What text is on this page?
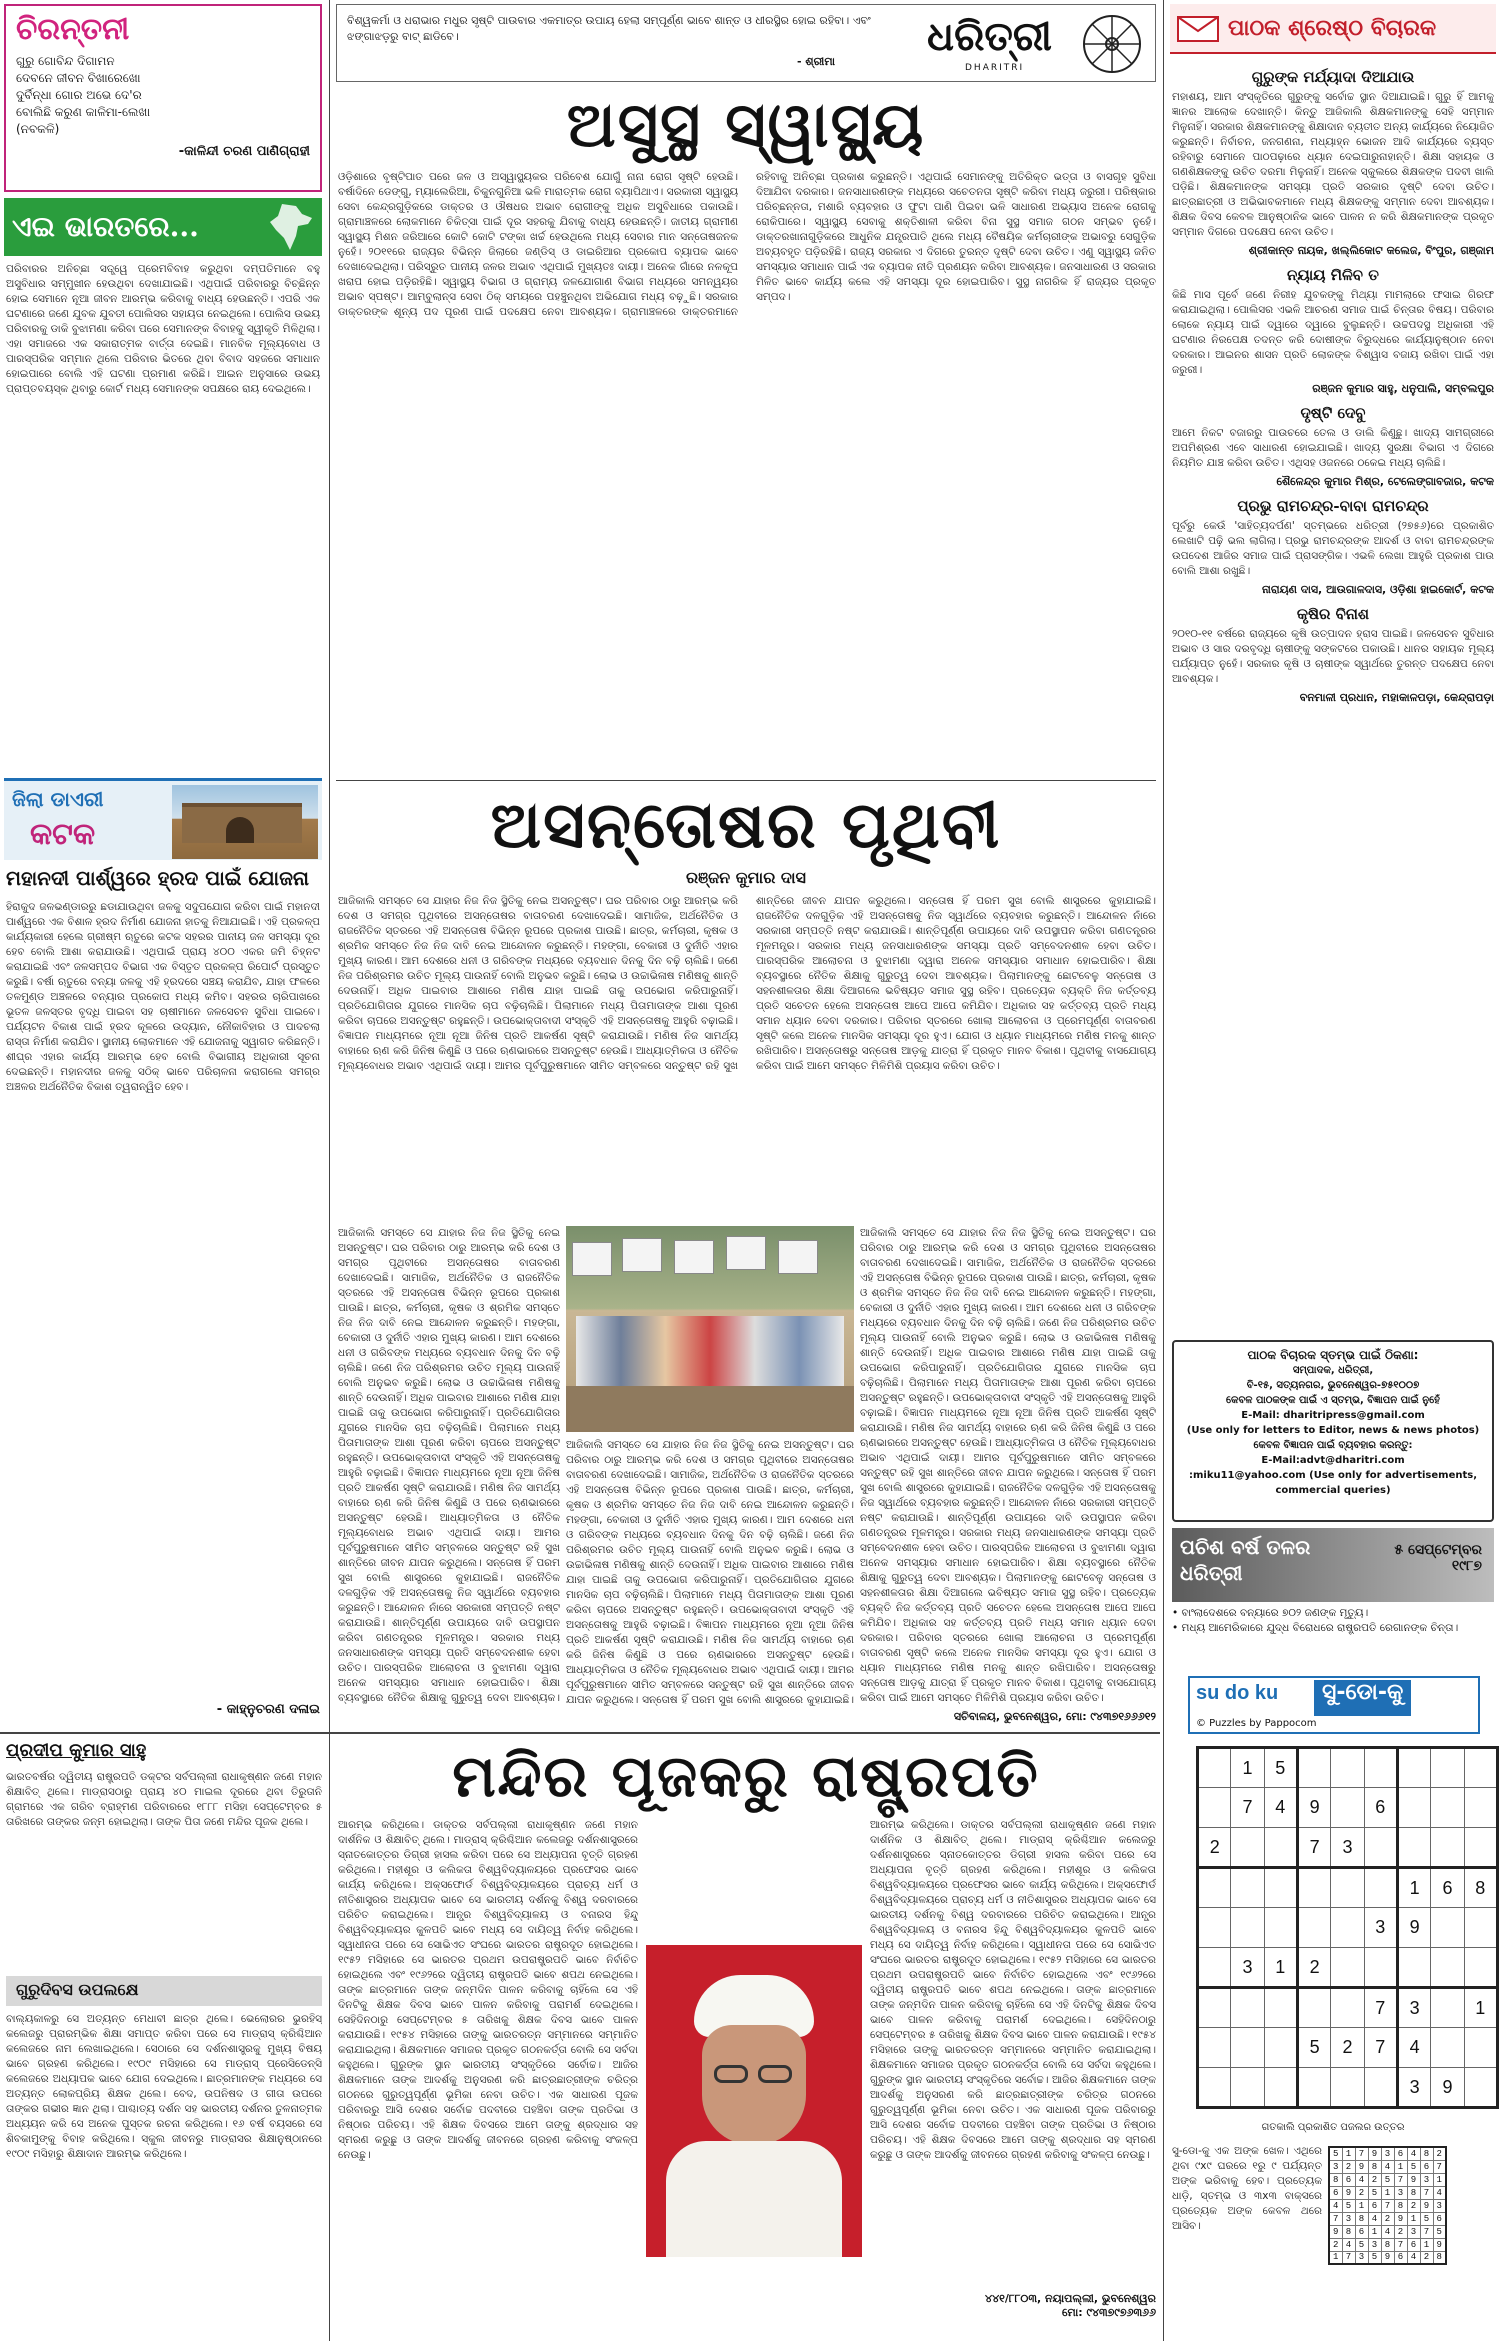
ଚିରନ୍ତନୀ
ଗୁରୁ ଗୋବିନ୍ଦ ଦିଗାମନ
ଦେବନେ ଜୀବନ ବିଖାରେଖୋ
ଦୁର୍ବିନ୍ଧା ଗୋର ଅଭେ ଦେ'ର
ବୋଲିଛି କରୁଣ କାଳିମା-ଲେଖା
(ନବକଳି)
-କାଳିନ୍ଦୀ ଚରଣ ପାଣିଗ୍ରାହୀ
ଏଇ ଭାରତରେ...
ପରିବାରର ଅନିଚ୍ଛା ସତ୍ତ୍ୱେ ପ୍ରେମବିବାହ କରୁଥିବା ଦମ୍ପତିମାନେ ବହୁ ଅସୁବିଧାର ସମ୍ମୁଖୀନ ହେଉଥିବା ଦେଖାଯାଇଛି। ଏଥିପାଇଁ ପରିବାରରୁ ବିଚ୍ଛିନ୍ନ ହୋଇ ସେମାନେ ନୂଆ ଜୀବନ ଆରମ୍ଭ କରିବାକୁ ବାଧ୍ୟ ହେଉଛନ୍ତି। ଏପରି ଏକ ଘଟଣାରେ ଜଣେ ଯୁବକ ଯୁବତୀ ପୋଲିସର ସହାୟତା ନେଇଥିଲେ। ପୋଲିସ ଉଭୟ ପରିବାରକୁ ଡାକି ବୁଝାମଣା କରିବା ପରେ ସେମାନଙ୍କ ବିବାହକୁ ସ୍ୱୀକୃତି ମିଳିଥିଲା। ଏହା ସମାଜରେ ଏକ ସକାରାତ୍ମକ ବାର୍ତ୍ତା ଦେଇଛି। ମାନବିକ ମୂଲ୍ୟବୋଧ ଓ ପାରସ୍ପରିକ ସମ୍ମାନ ଥିଲେ ପରିବାର ଭିତରେ ଥିବା ବିବାଦ ସହଜରେ ସମାଧାନ ହୋଇପାରେ ବୋଲି ଏହି ଘଟଣା ପ୍ରମାଣ କରିଛି। ଆଇନ ଅନୁସାରେ ଉଭୟ ପ୍ରାପ୍ତବୟସ୍କ ଥିବାରୁ କୋର୍ଟ ମଧ୍ୟ ସେମାନଙ୍କ ସପକ୍ଷରେ ରାୟ ଦେଇଥିଲେ।
ଜିଲା ଡାଏରୀ
କଟକ
ମହାନଦୀ ପାର୍ଶ୍ୱରେ ହ୍ରଦ ପାଇଁ ଯୋଜନା
ହିରାକୁଦ ଜଳଭଣ୍ଡାରରୁ ଛଡାଯାଉଥିବା ଜଳକୁ ସଦୁପଯୋଗ କରିବା ପାଇଁ ମହାନଦୀ ପାର୍ଶ୍ୱରେ ଏକ ବିଶାଳ ହ୍ରଦ ନିର୍ମାଣ ଯୋଜନା ହାତକୁ ନିଆଯାଇଛି। ଏହି ପ୍ରକଳ୍ପ କାର୍ଯ୍ୟକାରୀ ହେଲେ ଗ୍ରୀଷ୍ମ ଋତୁରେ କଟକ ସହରର ପାନୀୟ ଜଳ ସମସ୍ୟା ଦୂର ହେବ ବୋଲି ଆଶା କରାଯାଉଛି। ଏଥିପାଇଁ ପ୍ରାୟ ୪୦୦ ଏକର ଜମି ଚିହ୍ନଟ କରାଯାଇଛି ଏବଂ ଜଳସମ୍ପଦ ବିଭାଗ ଏକ ବିସ୍ତୃତ ପ୍ରକଳ୍ପ ରିପୋର୍ଟ ପ୍ରସ୍ତୁତ କରୁଛି। ବର୍ଷା ଋତୁରେ ବନ୍ୟା ଜଳକୁ ଏହି ହ୍ରଦରେ ସଞ୍ଚୟ କରାଯିବ, ଯାହା ଫଳରେ ତଳମୁଣ୍ଡ ଅଞ୍ଚଳରେ ବନ୍ୟାର ପ୍ରକୋପ ମଧ୍ୟ କମିବ। ସହରର ଚାରିପାଖରେ ଭୂତଳ ଜଳସ୍ତର ବୃଦ୍ଧି ପାଇବା ସହ ଚାଷୀମାନେ ଜଳସେଚନ ସୁବିଧା ପାଇବେ। ପର୍ଯ୍ୟଟନ ବିକାଶ ପାଇଁ ହ୍ରଦ କୂଳରେ ଉଦ୍ୟାନ, ନୌକାବିହାର ଓ ପାଦଚଲା ରାସ୍ତା ନିର୍ମାଣ କରାଯିବ। ସ୍ଥାନୀୟ ଲୋକମାନେ ଏହି ଯୋଜନାକୁ ସ୍ୱାଗତ କରିଛନ୍ତି। ଶୀଘ୍ର ଏହାର କାର୍ଯ୍ୟ ଆରମ୍ଭ ହେବ ବୋଲି ବିଭାଗୀୟ ଅଧିକାରୀ ସୂଚନା ଦେଇଛନ୍ତି। ମହାନଦୀର ଜଳକୁ ସଠିକ୍ ଭାବେ ପରିଚାଳନା କରାଗଲେ ସମଗ୍ର ଅଞ୍ଚଳର ଅର୍ଥନୈତିକ ବିକାଶ ତ୍ୱରାନ୍ୱିତ ହେବ।
- କାହ୍ନୁଚରଣ ଦଳାଇ
ବିଶ୍ୱକର୍ମା ଓ ଧରାଭାର ମଧୁର ସୃଷ୍ଟି ପାଉବାର ଏକମାତ୍ର ଉପାୟ ହେଲା ସମ୍ପୂର୍ଣ୍ଣ ଭାବେ ଶାନ୍ତ ଓ ଧୀରସ୍ଥିର ହୋଇ ରହିବା। ଏବଂ ଝଙ୍ଗାଝଡ଼ରୁ ବାଟ୍ ଛାଡିବେ।
- ଶ୍ରୀମା
ଧରିତ୍ରୀ
DHARITRI
ଅସୁସ୍ଥ ସ୍ୱାସ୍ଥ୍ୟ
ଓଡ଼ିଶାରେ ବୃଷ୍ଟିପାତ ପରେ ଜଳ ଓ ଅସ୍ୱାସ୍ଥ୍ୟକର ପରିବେଶ ଯୋଗୁଁ ନାନା ରୋଗ ସୃଷ୍ଟି ହେଉଛି। ବର୍ଷାଦିନେ ଡେଙ୍ଗୁ, ମ୍ୟାଲେରିଆ, ଚିକୁନଗୁନିଆ ଭଳି ମାରାତ୍ମକ ରୋଗ ବ୍ୟାପିଥାଏ। ସରକାରୀ ସ୍ୱାସ୍ଥ୍ୟ ସେବା କେନ୍ଦ୍ରଗୁଡ଼ିକରେ ଡାକ୍ତର ଓ ଔଷଧର ଅଭାବ ରୋଗୀଙ୍କୁ ଅଧିକ ଅସୁବିଧାରେ ପକାଉଛି। ଗ୍ରାମାଞ୍ଚଳରେ ଲୋକମାନେ ଚିକିତ୍ସା ପାଇଁ ଦୂର ସହରକୁ ଯିବାକୁ ବାଧ୍ୟ ହେଉଛନ୍ତି। ଜାତୀୟ ଗ୍ରାମୀଣ ସ୍ୱାସ୍ଥ୍ୟ ମିଶନ ଜରିଆରେ କୋଟି କୋଟି ଟଙ୍କା ଖର୍ଚ୍ଚ ହେଉଥିଲେ ମଧ୍ୟ ସେବାର ମାନ ସନ୍ତୋଷଜନକ ନୁହେଁ। ୨୦୧୧ରେ ରାଜ୍ୟର ବିଭିନ୍ନ ଜିଲାରେ ଜଣ୍ଡିସ୍ ଓ ଡାଇରିଆର ପ୍ରକୋପ ବ୍ୟାପକ ଭାବେ ଦେଖାଦେଇଥିଲା। ପରିସ୍ରୁତ ପାନୀୟ ଜଳର ଅଭାବ ଏଥିପାଇଁ ମୁଖ୍ୟତଃ ଦାୟୀ। ଅନେକ ଗାଁରେ ନଳକୂପ ଖରାପ ହୋଇ ପଡ଼ିରହିଛି। ସ୍ୱାସ୍ଥ୍ୟ ବିଭାଗ ଓ ଗ୍ରାମ୍ୟ ଜଳଯୋଗାଣ ବିଭାଗ ମଧ୍ୟରେ ସମନ୍ୱୟର ଅଭାବ ସ୍ପଷ୍ଟ। ଆମ୍ବୁଲାନ୍ସ ସେବା ଠିକ୍ ସମୟରେ ପହଞ୍ଚୁନଥିବା ଅଭିଯୋଗ ମଧ୍ୟ ବଢ଼ୁଛି। ସରକାର ଡାକ୍ତରଙ୍କ ଶୂନ୍ୟ ପଦ ପୂରଣ ପାଇଁ ପଦକ୍ଷେପ ନେବା ଆବଶ୍ୟକ। ଗ୍ରାମାଞ୍ଚଳରେ ଡାକ୍ତରମାନେ ରହିବାକୁ ଅନିଚ୍ଛା ପ୍ରକାଶ କରୁଛନ୍ତି। ଏଥିପାଇଁ ସେମାନଙ୍କୁ ଅତିରିକ୍ତ ଭତ୍ତା ଓ ବାସଗୃହ ସୁବିଧା ଦିଆଯିବା ଦରକାର। ଜନସାଧାରଣଙ୍କ ମଧ୍ୟରେ ସଚେତନତା ସୃଷ୍ଟି କରିବା ମଧ୍ୟ ଜରୁରୀ। ପରିଷ୍କାର ପରିଚ୍ଛନ୍ନତା, ମଶାରି ବ୍ୟବହାର ଓ ଫୁଟା ପାଣି ପିଇବା ଭଳି ସାଧାରଣ ଅଭ୍ୟାସ ଅନେକ ରୋଗକୁ ରୋକିପାରେ। ସ୍ୱାସ୍ଥ୍ୟ ସେବାକୁ ଶକ୍ତିଶାଳୀ କରିବା ବିନା ସୁସ୍ଥ ସମାଜ ଗଠନ ସମ୍ଭବ ନୁହେଁ। ଡାକ୍ତରଖାନାଗୁଡ଼ିକରେ ଆଧୁନିକ ଯନ୍ତ୍ରପାତି ଥିଲେ ମଧ୍ୟ ବୈଷୟିକ କର୍ମଚାରୀଙ୍କ ଅଭାବରୁ ସେଗୁଡ଼ିକ ଅବ୍ୟବହୃତ ପଡ଼ିରହିଛି। ରାଜ୍ୟ ସରକାର ଏ ଦିଗରେ ତୁରନ୍ତ ଦୃଷ୍ଟି ଦେବା ଉଚିତ। ଏଣୁ ସ୍ୱାସ୍ଥ୍ୟ ଜନିତ ସମସ୍ୟାର ସମାଧାନ ପାଇଁ ଏକ ବ୍ୟାପକ ନୀତି ପ୍ରଣୟନ କରିବା ଆବଶ୍ୟକ। ଜନସାଧାରଣ ଓ ସରକାର ମିଳିତ ଭାବେ କାର୍ଯ୍ୟ କଲେ ଏହି ସମସ୍ୟା ଦୂର ହୋଇପାରିବ। ସୁସ୍ଥ ନାଗରିକ ହିଁ ରାଜ୍ୟର ପ୍ରକୃତ ସମ୍ପଦ।
ଅସନ୍ତୋଷର ପୃଥିବୀ
ରଞ୍ଜନ କୁମାର ଦାସ
ଆଜିକାଲି ସମସ୍ତେ ସେ ଯାହାର ନିଜ ନିଜ ସ୍ଥିତିକୁ ନେଇ ଅସନ୍ତୁଷ୍ଟ। ଘର ପରିବାର ଠାରୁ ଆରମ୍ଭ କରି ଦେଶ ଓ ସମଗ୍ର ପୃଥିବୀରେ ଅସନ୍ତୋଷର ବାତାବରଣ ଦେଖାଦେଇଛି। ସାମାଜିକ, ଅର୍ଥନୈତିକ ଓ ରାଜନୈତିକ ସ୍ତରରେ ଏହି ଅସନ୍ତୋଷ ବିଭିନ୍ନ ରୂପରେ ପ୍ରକାଶ ପାଉଛି। ଛାତ୍ର, କର୍ମଚାରୀ, କୃଷକ ଓ ଶ୍ରମିକ ସମସ୍ତେ ନିଜ ନିଜ ଦାବି ନେଇ ଆନ୍ଦୋଳନ କରୁଛନ୍ତି। ମହଙ୍ଗା, ବେକାରୀ ଓ ଦୁର୍ନୀତି ଏହାର ମୁଖ୍ୟ କାରଣ। ଆମ ଦେଶରେ ଧନୀ ଓ ଗରିବଙ୍କ ମଧ୍ୟରେ ବ୍ୟବଧାନ ଦିନକୁ ଦିନ ବଢ଼ି ଚାଲିଛି। ଜଣେ ନିଜ ପରିଶ୍ରମର ଉଚିତ ମୂଲ୍ୟ ପାଉନାହିଁ ବୋଲି ଅନୁଭବ କରୁଛି। ଲୋଭ ଓ ଉଚ୍ଚାଭିଳାଷ ମଣିଷକୁ ଶାନ୍ତି ଦେଉନାହିଁ। ଅଧିକ ପାଇବାର ଆଶାରେ ମଣିଷ ଯାହା ପାଇଛି ତାକୁ ଉପଭୋଗ କରିପାରୁନାହିଁ। ପ୍ରତିଯୋଗିତାର ଯୁଗରେ ମାନସିକ ଚାପ ବଢ଼ିଚାଲିଛି। ପିଲାମାନେ ମଧ୍ୟ ପିତାମାତାଙ୍କ ଆଶା ପୂରଣ କରିବା ଚାପରେ ଅସନ୍ତୁଷ୍ଟ ରହୁଛନ୍ତି। ଉପଭୋକ୍ତାବାଦୀ ସଂସ୍କୃତି ଏହି ଅସନ୍ତୋଷକୁ ଆହୁରି ବଢ଼ାଇଛି। ବିଜ୍ଞାପନ ମାଧ୍ୟମରେ ନୂଆ ନୂଆ ଜିନିଷ ପ୍ରତି ଆକର୍ଷଣ ସୃଷ୍ଟି କରାଯାଉଛି। ମଣିଷ ନିଜ ସାମର୍ଥ୍ୟ ବାହାରେ ଋଣ କରି ଜିନିଷ କିଣୁଛି ଓ ପରେ ଋଣଭାରରେ ଅସନ୍ତୁଷ୍ଟ ହେଉଛି। ଆଧ୍ୟାତ୍ମିକତା ଓ ନୈତିକ ମୂଲ୍ୟବୋଧର ଅଭାବ ଏଥିପାଇଁ ଦାୟୀ। ଆମର ପୂର୍ବପୁରୁଷମାନେ ସୀମିତ ସମ୍ବଳରେ ସନ୍ତୁଷ୍ଟ ରହି ସୁଖ ଶାନ୍ତିରେ ଜୀବନ ଯାପନ କରୁଥିଲେ। ସନ୍ତୋଷ ହିଁ ପରମ ସୁଖ ବୋଲି ଶାସ୍ତ୍ରରେ କୁହାଯାଇଛି। ରାଜନୈତିକ ଦଳଗୁଡ଼ିକ ଏହି ଅସନ୍ତୋଷକୁ ନିଜ ସ୍ୱାର୍ଥରେ ବ୍ୟବହାର କରୁଛନ୍ତି। ଆନ୍ଦୋଳନ ନାଁରେ ସରକାରୀ ସମ୍ପତ୍ତି ନଷ୍ଟ କରାଯାଉଛି। ଶାନ୍ତିପୂର୍ଣ୍ଣ ଉପାୟରେ ଦାବି ଉପସ୍ଥାପନ କରିବା ଗଣତନ୍ତ୍ରର ମୂଳମନ୍ତ୍ର। ସରକାର ମଧ୍ୟ ଜନସାଧାରଣଙ୍କ ସମସ୍ୟା ପ୍ରତି ସମ୍ବେଦନଶୀଳ ହେବା ଉଚିତ। ପାରସ୍ପରିକ ଆଲୋଚନା ଓ ବୁଝାମଣା ଦ୍ୱାରା ଅନେକ ସମସ୍ୟାର ସମାଧାନ ହୋଇପାରିବ। ଶିକ୍ଷା ବ୍ୟବସ୍ଥାରେ ନୈତିକ ଶିକ୍ଷାକୁ ଗୁରୁତ୍ୱ ଦେବା ଆବଶ୍ୟକ। ପିଲାମାନଙ୍କୁ ଛୋଟବେଳୁ ସନ୍ତୋଷ ଓ ସହନଶୀଳତାର ଶିକ୍ଷା ଦିଆଗଲେ ଭବିଷ୍ୟତ ସମାଜ ସୁସ୍ଥ ରହିବ। ପ୍ରତ୍ୟେକ ବ୍ୟକ୍ତି ନିଜ କର୍ତ୍ତବ୍ୟ ପ୍ରତି ସଚେତନ ହେଲେ ଅସନ୍ତୋଷ ଆପେ ଆପେ କମିଯିବ। ଅଧିକାର ସହ କର୍ତ୍ତବ୍ୟ ପ୍ରତି ମଧ୍ୟ ସମାନ ଧ୍ୟାନ ଦେବା ଦରକାର। ପରିବାର ସ୍ତରରେ ଖୋଲା ଆଲୋଚନା ଓ ପ୍ରେମପୂର୍ଣ୍ଣ ବାତାବରଣ ସୃଷ୍ଟି କଲେ ଅନେକ ମାନସିକ ସମସ୍ୟା ଦୂର ହୁଏ। ଯୋଗ ଓ ଧ୍ୟାନ ମାଧ୍ୟମରେ ମଣିଷ ମନକୁ ଶାନ୍ତ ରଖିପାରିବ। ଅସନ୍ତୋଷରୁ ସନ୍ତୋଷ ଆଡ଼କୁ ଯାତ୍ରା ହିଁ ପ୍ରକୃତ ମାନବ ବିକାଶ। ପୃଥିବୀକୁ ବାସଯୋଗ୍ୟ କରିବା ପାଇଁ ଆମେ ସମସ୍ତେ ମିଳିମିଶି ପ୍ରୟାସ କରିବା ଉଚିତ।
ଆଜିକାଲି ସମସ୍ତେ ସେ ଯାହାର ନିଜ ନିଜ ସ୍ଥିତିକୁ ନେଇ ଅସନ୍ତୁଷ୍ଟ। ଘର ପରିବାର ଠାରୁ ଆରମ୍ଭ କରି ଦେଶ ଓ ସମଗ୍ର ପୃଥିବୀରେ ଅସନ୍ତୋଷର ବାତାବରଣ ଦେଖାଦେଇଛି। ସାମାଜିକ, ଅର୍ଥନୈତିକ ଓ ରାଜନୈତିକ ସ୍ତରରେ ଏହି ଅସନ୍ତୋଷ ବିଭିନ୍ନ ରୂପରେ ପ୍ରକାଶ ପାଉଛି। ଛାତ୍ର, କର୍ମଚାରୀ, କୃଷକ ଓ ଶ୍ରମିକ ସମସ୍ତେ ନିଜ ନିଜ ଦାବି ନେଇ ଆନ୍ଦୋଳନ କରୁଛନ୍ତି। ମହଙ୍ଗା, ବେକାରୀ ଓ ଦୁର୍ନୀତି ଏହାର ମୁଖ୍ୟ କାରଣ। ଆମ ଦେଶରେ ଧନୀ ଓ ଗରିବଙ୍କ ମଧ୍ୟରେ ବ୍ୟବଧାନ ଦିନକୁ ଦିନ ବଢ଼ି ଚାଲିଛି। ଜଣେ ନିଜ ପରିଶ୍ରମର ଉଚିତ ମୂଲ୍ୟ ପାଉନାହିଁ ବୋଲି ଅନୁଭବ କରୁଛି। ଲୋଭ ଓ ଉଚ୍ଚାଭିଳାଷ ମଣିଷକୁ ଶାନ୍ତି ଦେଉନାହିଁ। ଅଧିକ ପାଇବାର ଆଶାରେ ମଣିଷ ଯାହା ପାଇଛି ତାକୁ ଉପଭୋଗ କରିପାରୁନାହିଁ। ପ୍ରତିଯୋଗିତାର ଯୁଗରେ ମାନସିକ ଚାପ ବଢ଼ିଚାଲିଛି। ପିଲାମାନେ ମଧ୍ୟ ପିତାମାତାଙ୍କ ଆଶା ପୂରଣ କରିବା ଚାପରେ ଅସନ୍ତୁଷ୍ଟ ରହୁଛନ୍ତି। ଉପଭୋକ୍ତାବାଦୀ ସଂସ୍କୃତି ଏହି ଅସନ୍ତୋଷକୁ ଆହୁରି ବଢ଼ାଇଛି। ବିଜ୍ଞାପନ ମାଧ୍ୟମରେ ନୂଆ ନୂଆ ଜିନିଷ ପ୍ରତି ଆକର୍ଷଣ ସୃଷ୍ଟି କରାଯାଉଛି। ମଣିଷ ନିଜ ସାମର୍ଥ୍ୟ ବାହାରେ ଋଣ କରି ଜିନିଷ କିଣୁଛି ଓ ପରେ ଋଣଭାରରେ ଅସନ୍ତୁଷ୍ଟ ହେଉଛି। ଆଧ୍ୟାତ୍ମିକତା ଓ ନୈତିକ ମୂଲ୍ୟବୋଧର ଅଭାବ ଏଥିପାଇଁ ଦାୟୀ। ଆମର ପୂର୍ବପୁରୁଷମାନେ ସୀମିତ ସମ୍ବଳରେ ସନ୍ତୁଷ୍ଟ ରହି ସୁଖ ଶାନ୍ତିରେ ଜୀବନ ଯାପନ କରୁଥିଲେ। ସନ୍ତୋଷ ହିଁ ପରମ ସୁଖ ବୋଲି ଶାସ୍ତ୍ରରେ କୁହାଯାଇଛି। ରାଜନୈତିକ ଦଳଗୁଡ଼ିକ ଏହି ଅସନ୍ତୋଷକୁ ନିଜ ସ୍ୱାର୍ଥରେ ବ୍ୟବହାର କରୁଛନ୍ତି। ଆନ୍ଦୋଳନ ନାଁରେ ସରକାରୀ ସମ୍ପତ୍ତି ନଷ୍ଟ କରାଯାଉଛି। ଶାନ୍ତିପୂର୍ଣ୍ଣ ଉପାୟରେ ଦାବି ଉପସ୍ଥାପନ କରିବା ଗଣତନ୍ତ୍ରର ମୂଳମନ୍ତ୍ର। ସରକାର ମଧ୍ୟ ଜନସାଧାରଣଙ୍କ ସମସ୍ୟା ପ୍ରତି ସମ୍ବେଦନଶୀଳ ହେବା ଉଚିତ। ପାରସ୍ପରିକ ଆଲୋଚନା ଓ ବୁଝାମଣା ଦ୍ୱାରା ଅନେକ ସମସ୍ୟାର ସମାଧାନ ହୋଇପାରିବ। ଶିକ୍ଷା ବ୍ୟବସ୍ଥାରେ ନୈତିକ ଶିକ୍ଷାକୁ ଗୁରୁତ୍ୱ ଦେବା ଆବଶ୍ୟକ।
ଆଜିକାଲି ସମସ୍ତେ ସେ ଯାହାର ନିଜ ନିଜ ସ୍ଥିତିକୁ ନେଇ ଅସନ୍ତୁଷ୍ଟ। ଘର ପରିବାର ଠାରୁ ଆରମ୍ଭ କରି ଦେଶ ଓ ସମଗ୍ର ପୃଥିବୀରେ ଅସନ୍ତୋଷର ବାତାବରଣ ଦେଖାଦେଇଛି। ସାମାଜିକ, ଅର୍ଥନୈତିକ ଓ ରାଜନୈତିକ ସ୍ତରରେ ଏହି ଅସନ୍ତୋଷ ବିଭିନ୍ନ ରୂପରେ ପ୍ରକାଶ ପାଉଛି। ଛାତ୍ର, କର୍ମଚାରୀ, କୃଷକ ଓ ଶ୍ରମିକ ସମସ୍ତେ ନିଜ ନିଜ ଦାବି ନେଇ ଆନ୍ଦୋଳନ କରୁଛନ୍ତି। ମହଙ୍ଗା, ବେକାରୀ ଓ ଦୁର୍ନୀତି ଏହାର ମୁଖ୍ୟ କାରଣ। ଆମ ଦେଶରେ ଧନୀ ଓ ଗରିବଙ୍କ ମଧ୍ୟରେ ବ୍ୟବଧାନ ଦିନକୁ ଦିନ ବଢ଼ି ଚାଲିଛି। ଜଣେ ନିଜ ପରିଶ୍ରମର ଉଚିତ ମୂଲ୍ୟ ପାଉନାହିଁ ବୋଲି ଅନୁଭବ କରୁଛି। ଲୋଭ ଓ ଉଚ୍ଚାଭିଳାଷ ମଣିଷକୁ ଶାନ୍ତି ଦେଉନାହିଁ। ଅଧିକ ପାଇବାର ଆଶାରେ ମଣିଷ ଯାହା ପାଇଛି ତାକୁ ଉପଭୋଗ କରିପାରୁନାହିଁ। ପ୍ରତିଯୋଗିତାର ଯୁଗରେ ମାନସିକ ଚାପ ବଢ଼ିଚାଲିଛି। ପିଲାମାନେ ମଧ୍ୟ ପିତାମାତାଙ୍କ ଆଶା ପୂରଣ କରିବା ଚାପରେ ଅସନ୍ତୁଷ୍ଟ ରହୁଛନ୍ତି। ଉପଭୋକ୍ତାବାଦୀ ସଂସ୍କୃତି ଏହି ଅସନ୍ତୋଷକୁ ଆହୁରି ବଢ଼ାଇଛି। ବିଜ୍ଞାପନ ମାଧ୍ୟମରେ ନୂଆ ନୂଆ ଜିନିଷ ପ୍ରତି ଆକର୍ଷଣ ସୃଷ୍ଟି କରାଯାଉଛି। ମଣିଷ ନିଜ ସାମର୍ଥ୍ୟ ବାହାରେ ଋଣ କରି ଜିନିଷ କିଣୁଛି ଓ ପରେ ଋଣଭାରରେ ଅସନ୍ତୁଷ୍ଟ ହେଉଛି। ଆଧ୍ୟାତ୍ମିକତା ଓ ନୈତିକ ମୂଲ୍ୟବୋଧର ଅଭାବ ଏଥିପାଇଁ ଦାୟୀ। ଆମର ପୂର୍ବପୁରୁଷମାନେ ସୀମିତ ସମ୍ବଳରେ ସନ୍ତୁଷ୍ଟ ରହି ସୁଖ ଶାନ୍ତିରେ ଜୀବନ ଯାପନ କରୁଥିଲେ। ସନ୍ତୋଷ ହିଁ ପରମ ସୁଖ ବୋଲି ଶାସ୍ତ୍ରରେ କୁହାଯାଇଛି। ରାଜନୈତିକ ଦଳଗୁଡ଼ିକ ଏହି ଅସନ୍ତୋଷକୁ ନିଜ ସ୍ୱାର୍ଥରେ ବ୍ୟବହାର କରୁଛନ୍ତି। ଆନ୍ଦୋଳନ ନାଁରେ ସରକାରୀ ସମ୍ପତ୍ତି ନଷ୍ଟ କରାଯାଉଛି। ଶାନ୍ତିପୂର୍ଣ୍ଣ ଉପାୟରେ ଦାବି ଉପସ୍ଥାପନ କରିବା ଗଣତନ୍ତ୍ରର ମୂଳମନ୍ତ୍ର। ସରକାର ମଧ୍ୟ ଜନସାଧାରଣଙ୍କ ସମସ୍ୟା ପ୍ରତି ସମ୍ବେଦନଶୀଳ ହେବା ଉଚିତ। ପାରସ୍ପରିକ ଆଲୋଚନା ଓ ବୁଝାମଣା ଦ୍ୱାରା ଅନେକ ସମସ୍ୟାର ସମାଧାନ ହୋଇପାରିବ। ଶିକ୍ଷା ବ୍ୟବସ୍ଥାରେ ନୈତିକ ଶିକ୍ଷାକୁ ଗୁରୁତ୍ୱ ଦେବା ଆବଶ୍ୟକ। ପିଲାମାନଙ୍କୁ ଛୋଟବେଳୁ ସନ୍ତୋଷ ଓ ସହନଶୀଳତାର ଶିକ୍ଷା ଦିଆଗଲେ ଭବିଷ୍ୟତ ସମାଜ ସୁସ୍ଥ ରହିବ। ପ୍ରତ୍ୟେକ ବ୍ୟକ୍ତି ନିଜ କର୍ତ୍ତବ୍ୟ ପ୍ରତି ସଚେତନ ହେଲେ ଅସନ୍ତୋଷ ଆପେ ଆପେ କମିଯିବ। ଅଧିକାର ସହ କର୍ତ୍ତବ୍ୟ ପ୍ରତି ମଧ୍ୟ ସମାନ ଧ୍ୟାନ ଦେବା ଦରକାର। ପରିବାର ସ୍ତରରେ ଖୋଲା ଆଲୋଚନା ଓ ପ୍ରେମପୂର୍ଣ୍ଣ ବାତାବରଣ ସୃଷ୍ଟି କଲେ ଅନେକ ମାନସିକ ସମସ୍ୟା ଦୂର ହୁଏ। ଯୋଗ ଓ ଧ୍ୟାନ ମାଧ୍ୟମରେ ମଣିଷ ମନକୁ ଶାନ୍ତ ରଖିପାରିବ। ଅସନ୍ତୋଷରୁ ସନ୍ତୋଷ ଆଡ଼କୁ ଯାତ୍ରା ହିଁ ପ୍ରକୃତ ମାନବ ବିକାଶ। ପୃଥିବୀକୁ ବାସଯୋଗ୍ୟ କରିବା ପାଇଁ ଆମେ ସମସ୍ତେ ମିଳିମିଶି ପ୍ରୟାସ କରିବା ଉଚିତ।
ଆଜିକାଲି ସମସ୍ତେ ସେ ଯାହାର ନିଜ ନିଜ ସ୍ଥିତିକୁ ନେଇ ଅସନ୍ତୁଷ୍ଟ। ଘର ପରିବାର ଠାରୁ ଆରମ୍ଭ କରି ଦେଶ ଓ ସମଗ୍ର ପୃଥିବୀରେ ଅସନ୍ତୋଷର ବାତାବରଣ ଦେଖାଦେଇଛି। ସାମାଜିକ, ଅର୍ଥନୈତିକ ଓ ରାଜନୈତିକ ସ୍ତରରେ ଏହି ଅସନ୍ତୋଷ ବିଭିନ୍ନ ରୂପରେ ପ୍ରକାଶ ପାଉଛି। ଛାତ୍ର, କର୍ମଚାରୀ, କୃଷକ ଓ ଶ୍ରମିକ ସମସ୍ତେ ନିଜ ନିଜ ଦାବି ନେଇ ଆନ୍ଦୋଳନ କରୁଛନ୍ତି। ମହଙ୍ଗା, ବେକାରୀ ଓ ଦୁର୍ନୀତି ଏହାର ମୁଖ୍ୟ କାରଣ। ଆମ ଦେଶରେ ଧନୀ ଓ ଗରିବଙ୍କ ମଧ୍ୟରେ ବ୍ୟବଧାନ ଦିନକୁ ଦିନ ବଢ଼ି ଚାଲିଛି। ଜଣେ ନିଜ ପରିଶ୍ରମର ଉଚିତ ମୂଲ୍ୟ ପାଉନାହିଁ ବୋଲି ଅନୁଭବ କରୁଛି। ଲୋଭ ଓ ଉଚ୍ଚାଭିଳାଷ ମଣିଷକୁ ଶାନ୍ତି ଦେଉନାହିଁ। ଅଧିକ ପାଇବାର ଆଶାରେ ମଣିଷ ଯାହା ପାଇଛି ତାକୁ ଉପଭୋଗ କରିପାରୁନାହିଁ। ପ୍ରତିଯୋଗିତାର ଯୁଗରେ ମାନସିକ ଚାପ ବଢ଼ିଚାଲିଛି। ପିଲାମାନେ ମଧ୍ୟ ପିତାମାତାଙ୍କ ଆଶା ପୂରଣ କରିବା ଚାପରେ ଅସନ୍ତୁଷ୍ଟ ରହୁଛନ୍ତି। ଉପଭୋକ୍ତାବାଦୀ ସଂସ୍କୃତି ଏହି ଅସନ୍ତୋଷକୁ ଆହୁରି ବଢ଼ାଇଛି। ବିଜ୍ଞାପନ ମାଧ୍ୟମରେ ନୂଆ ନୂଆ ଜିନିଷ ପ୍ରତି ଆକର୍ଷଣ ସୃଷ୍ଟି କରାଯାଉଛି। ମଣିଷ ନିଜ ସାମର୍ଥ୍ୟ ବାହାରେ ଋଣ କରି ଜିନିଷ କିଣୁଛି ଓ ପରେ ଋଣଭାରରେ ଅସନ୍ତୁଷ୍ଟ ହେଉଛି। ଆଧ୍ୟାତ୍ମିକତା ଓ ନୈତିକ ମୂଲ୍ୟବୋଧର ଅଭାବ ଏଥିପାଇଁ ଦାୟୀ। ଆମର ପୂର୍ବପୁରୁଷମାନେ ସୀମିତ ସମ୍ବଳରେ ସନ୍ତୁଷ୍ଟ ରହି ସୁଖ ଶାନ୍ତିରେ ଜୀବନ ଯାପନ କରୁଥିଲେ। ସନ୍ତୋଷ ହିଁ ପରମ ସୁଖ ବୋଲି ଶାସ୍ତ୍ରରେ କୁହାଯାଇଛି।
ସଚିବାଳୟ, ଭୁବନେଶ୍ୱର, ମୋ: ୯୪୩୭୧୬୬୬୧୨
ପ୍ରଦୀପ କୁମାର ସାହୁ
ଭାରତବର୍ଷର ଦ୍ୱିତୀୟ ରାଷ୍ଟ୍ରପତି ଡକ୍ଟର ସର୍ବପଲ୍ଲୀ ରାଧାକୃଷ୍ଣନ ଜଣେ ମହାନ ଶିକ୍ଷାବିତ୍ ଥିଲେ। ମାଡ୍ରାସଠାରୁ ପ୍ରାୟ ୪୦ ମାଇଲ ଦୂରରେ ଥିବା ତିରୁତାନି ଗ୍ରାମରେ ଏକ ଗରିବ ବ୍ରାହ୍ମଣ ପରିବାରରେ ୧୮୮୮ ମସିହା ସେପ୍ଟେମ୍ବର ୫ ତାରିଖରେ ତାଙ୍କର ଜନ୍ମ ହୋଇଥିଲା। ତାଙ୍କ ପିତା ଜଣେ ମନ୍ଦିର ପୂଜକ ଥିଲେ।
ଗୁରୁଦିବସ ଉପଲକ୍ଷେ
ବାଲ୍ୟକାଳରୁ ସେ ଅତ୍ୟନ୍ତ ମେଧାବୀ ଛାତ୍ର ଥିଲେ। ଭେଲୋରର ଭୁରହିସ୍ କଲେଜରୁ ପ୍ରାରମ୍ଭିକ ଶିକ୍ଷା ସମାପ୍ତ କରିବା ପରେ ସେ ମାଡ୍ରାସ୍ କ୍ରିଶ୍ଚିଆନ କଲେଜରେ ନାମ ଲେଖାଇଥିଲେ। ସେଠାରେ ସେ ଦର୍ଶନଶାସ୍ତ୍ରକୁ ମୁଖ୍ୟ ବିଷୟ ଭାବେ ଗ୍ରହଣ କରିଥିଲେ। ୧୯୦୯ ମସିହାରେ ସେ ମାଡ୍ରାସ୍ ପ୍ରେସିଡେନ୍ସି କଲେଜରେ ଅଧ୍ୟାପକ ଭାବେ ଯୋଗ ଦେଇଥିଲେ। ଛାତ୍ରମାନଙ୍କ ମଧ୍ୟରେ ସେ ଅତ୍ୟନ୍ତ ଲୋକପ୍ରିୟ ଶିକ୍ଷକ ଥିଲେ। ବେଦ, ଉପନିଷଦ ଓ ଗୀତା ଉପରେ ତାଙ୍କର ଗଭୀର ଜ୍ଞାନ ଥିଲା। ପାଶ୍ଚାତ୍ୟ ଦର୍ଶନ ସହ ଭାରତୀୟ ଦର୍ଶନର ତୁଳନାତ୍ମକ ଅଧ୍ୟୟନ କରି ସେ ଅନେକ ପୁସ୍ତକ ରଚନା କରିଥିଲେ। ୧୬ ବର୍ଷ ବୟସରେ ସେ ଶିବକାମୁଙ୍କୁ ବିବାହ କରିଥିଲେ। ସ୍କୁଲ ଜୀବନରୁ ମାଡ୍ରାସର ଶିକ୍ଷାନୁଷ୍ଠାନରେ ୧୯୦୯ ମସିହାରୁ ଶିକ୍ଷାଦାନ ଆରମ୍ଭ କରିଥିଲେ।
ମନ୍ଦିର ପୂଜକରୁ ରାଷ୍ଟ୍ରପତି
ଆରମ୍ଭ କରିଥିଲେ। ଡାକ୍ତର ସର୍ବପଲ୍ଲୀ ରାଧାକୃଷ୍ଣନ ଜଣେ ମହାନ ଦାର୍ଶନିକ ଓ ଶିକ୍ଷାବିତ୍ ଥିଲେ। ମାଡ୍ରାସ୍ କ୍ରିଶ୍ଚିଆନ କଲେଜରୁ ଦର୍ଶନଶାସ୍ତ୍ରରେ ସ୍ନାତକୋତ୍ତର ଡିଗ୍ରୀ ହାସଲ କରିବା ପରେ ସେ ଅଧ୍ୟାପନା ବୃତ୍ତି ଗ୍ରହଣ କରିଥିଲେ। ମହୀଶୂର ଓ କଲିକତା ବିଶ୍ୱବିଦ୍ୟାଳୟରେ ପ୍ରଫେସର ଭାବେ କାର୍ଯ୍ୟ କରିଥିଲେ। ଅକ୍ସଫୋର୍ଡ ବିଶ୍ୱବିଦ୍ୟାଳୟରେ ପ୍ରାଚ୍ୟ ଧର୍ମ ଓ ନୀତିଶାସ୍ତ୍ରର ଅଧ୍ୟାପକ ଭାବେ ସେ ଭାରତୀୟ ଦର୍ଶନକୁ ବିଶ୍ୱ ଦରବାରରେ ପରିଚିତ କରାଇଥିଲେ। ଆନ୍ଧ୍ର ବିଶ୍ୱବିଦ୍ୟାଳୟ ଓ ବନାରସ ହିନ୍ଦୁ ବିଶ୍ୱବିଦ୍ୟାଳୟର କୁଳପତି ଭାବେ ମଧ୍ୟ ସେ ଦାୟିତ୍ୱ ନିର୍ବାହ କରିଥିଲେ। ସ୍ୱାଧୀନତା ପରେ ସେ ସୋଭିଏତ ସଂଘରେ ଭାରତର ରାଷ୍ଟ୍ରଦୂତ ହୋଇଥିଲେ। ୧୯୫୨ ମସିହାରେ ସେ ଭାରତର ପ୍ରଥମ ଉପରାଷ୍ଟ୍ରପତି ଭାବେ ନିର୍ବାଚିତ ହୋଇଥିଲେ ଏବଂ ୧୯୬୨ରେ ଦ୍ୱିତୀୟ ରାଷ୍ଟ୍ରପତି ଭାବେ ଶପଥ ନେଇଥିଲେ। ତାଙ୍କ ଛାତ୍ରମାନେ ତାଙ୍କ ଜନ୍ମଦିନ ପାଳନ କରିବାକୁ ଚାହିଁଲେ ସେ ଏହି ଦିନଟିକୁ ଶିକ୍ଷକ ଦିବସ ଭାବେ ପାଳନ କରିବାକୁ ପରାମର୍ଶ ଦେଇଥିଲେ। ସେହିଦିନଠାରୁ ସେପ୍ଟେମ୍ବର ୫ ତାରିଖକୁ ଶିକ୍ଷକ ଦିବସ ଭାବେ ପାଳନ କରାଯାଉଛି। ୧୯୫୪ ମସିହାରେ ତାଙ୍କୁ ଭାରତରତ୍ନ ସମ୍ମାନରେ ସମ୍ମାନିତ କରାଯାଇଥିଲା। ଶିକ୍ଷକମାନେ ସମାଜର ପ୍ରକୃତ ଗଠନକର୍ତ୍ତା ବୋଲି ସେ ସର୍ବଦା କହୁଥିଲେ। ଗୁରୁଙ୍କ ସ୍ଥାନ ଭାରତୀୟ ସଂସ୍କୃତିରେ ସର୍ବୋଚ୍ଚ। ଆଜିର ଶିକ୍ଷକମାନେ ତାଙ୍କ ଆଦର୍ଶକୁ ଅନୁସରଣ କରି ଛାତ୍ରଛାତ୍ରୀଙ୍କ ଚରିତ୍ର ଗଠନରେ ଗୁରୁତ୍ୱପୂର୍ଣ୍ଣ ଭୂମିକା ନେବା ଉଚିତ। ଏକ ସାଧାରଣ ପୂଜକ ପରିବାରରୁ ଆସି ଦେଶର ସର୍ବୋଚ୍ଚ ପଦବୀରେ ପହଞ୍ଚିବା ତାଙ୍କ ପ୍ରତିଭା ଓ ନିଷ୍ଠାର ପରିଚୟ। ଏହି ଶିକ୍ଷକ ଦିବସରେ ଆମେ ତାଙ୍କୁ ଶ୍ରଦ୍ଧାର ସହ ସ୍ମରଣ କରୁଛୁ ଓ ତାଙ୍କ ଆଦର୍ଶକୁ ଜୀବନରେ ଗ୍ରହଣ କରିବାକୁ ସଂକଳ୍ପ ନେଉଛୁ।
ଆରମ୍ଭ କରିଥିଲେ। ଡାକ୍ତର ସର୍ବପଲ୍ଲୀ ରାଧାକୃଷ୍ଣନ ଜଣେ ମହାନ ଦାର୍ଶନିକ ଓ ଶିକ୍ଷାବିତ୍ ଥିଲେ। ମାଡ୍ରାସ୍ କ୍ରିଶ୍ଚିଆନ କଲେଜରୁ ଦର୍ଶନଶାସ୍ତ୍ରରେ ସ୍ନାତକୋତ୍ତର ଡିଗ୍ରୀ ହାସଲ କରିବା ପରେ ସେ ଅଧ୍ୟାପନା ବୃତ୍ତି ଗ୍ରହଣ କରିଥିଲେ। ମହୀଶୂର ଓ କଲିକତା ବିଶ୍ୱବିଦ୍ୟାଳୟରେ ପ୍ରଫେସର ଭାବେ କାର୍ଯ୍ୟ କରିଥିଲେ। ଅକ୍ସଫୋର୍ଡ ବିଶ୍ୱବିଦ୍ୟାଳୟରେ ପ୍ରାଚ୍ୟ ଧର୍ମ ଓ ନୀତିଶାସ୍ତ୍ରର ଅଧ୍ୟାପକ ଭାବେ ସେ ଭାରତୀୟ ଦର୍ଶନକୁ ବିଶ୍ୱ ଦରବାରରେ ପରିଚିତ କରାଇଥିଲେ। ଆନ୍ଧ୍ର ବିଶ୍ୱବିଦ୍ୟାଳୟ ଓ ବନାରସ ହିନ୍ଦୁ ବିଶ୍ୱବିଦ୍ୟାଳୟର କୁଳପତି ଭାବେ ମଧ୍ୟ ସେ ଦାୟିତ୍ୱ ନିର୍ବାହ କରିଥିଲେ। ସ୍ୱାଧୀନତା ପରେ ସେ ସୋଭିଏତ ସଂଘରେ ଭାରତର ରାଷ୍ଟ୍ରଦୂତ ହୋଇଥିଲେ। ୧୯୫୨ ମସିହାରେ ସେ ଭାରତର ପ୍ରଥମ ଉପରାଷ୍ଟ୍ରପତି ଭାବେ ନିର୍ବାଚିତ ହୋଇଥିଲେ ଏବଂ ୧୯୬୨ରେ ଦ୍ୱିତୀୟ ରାଷ୍ଟ୍ରପତି ଭାବେ ଶପଥ ନେଇଥିଲେ। ତାଙ୍କ ଛାତ୍ରମାନେ ତାଙ୍କ ଜନ୍ମଦିନ ପାଳନ କରିବାକୁ ଚାହିଁଲେ ସେ ଏହି ଦିନଟିକୁ ଶିକ୍ଷକ ଦିବସ ଭାବେ ପାଳନ କରିବାକୁ ପରାମର୍ଶ ଦେଇଥିଲେ। ସେହିଦିନଠାରୁ ସେପ୍ଟେମ୍ବର ୫ ତାରିଖକୁ ଶିକ୍ଷକ ଦିବସ ଭାବେ ପାଳନ କରାଯାଉଛି। ୧୯୫୪ ମସିହାରେ ତାଙ୍କୁ ଭାରତରତ୍ନ ସମ୍ମାନରେ ସମ୍ମାନିତ କରାଯାଇଥିଲା। ଶିକ୍ଷକମାନେ ସମାଜର ପ୍ରକୃତ ଗଠନକର୍ତ୍ତା ବୋଲି ସେ ସର୍ବଦା କହୁଥିଲେ। ଗୁରୁଙ୍କ ସ୍ଥାନ ଭାରତୀୟ ସଂସ୍କୃତିରେ ସର୍ବୋଚ୍ଚ। ଆଜିର ଶିକ୍ଷକମାନେ ତାଙ୍କ ଆଦର୍ଶକୁ ଅନୁସରଣ କରି ଛାତ୍ରଛାତ୍ରୀଙ୍କ ଚରିତ୍ର ଗଠନରେ ଗୁରୁତ୍ୱପୂର୍ଣ୍ଣ ଭୂମିକା ନେବା ଉଚିତ। ଏକ ସାଧାରଣ ପୂଜକ ପରିବାରରୁ ଆସି ଦେଶର ସର୍ବୋଚ୍ଚ ପଦବୀରେ ପହଞ୍ଚିବା ତାଙ୍କ ପ୍ରତିଭା ଓ ନିଷ୍ଠାର ପରିଚୟ। ଏହି ଶିକ୍ଷକ ଦିବସରେ ଆମେ ତାଙ୍କୁ ଶ୍ରଦ୍ଧାର ସହ ସ୍ମରଣ କରୁଛୁ ଓ ତାଙ୍କ ଆଦର୍ଶକୁ ଜୀବନରେ ଗ୍ରହଣ କରିବାକୁ ସଂକଳ୍ପ ନେଉଛୁ।
୪୪୧/୮୮୦୩, ନୟାପଲ୍ଲୀ, ଭୁବନେଶ୍ୱର
ମୋ: ୯୪୩୭୯୭୬୩୬୬
ପାଠକ ଶ୍ରେଷ୍ଠ ବିଚାରକ
ଗୁରୁଙ୍କ ମର୍ଯ୍ୟାଦା ଦିଆଯାଉ
ମହାଶୟ, ଆମ ସଂସ୍କୃତିରେ ଗୁରୁଙ୍କୁ ସର୍ବୋଚ୍ଚ ସ୍ଥାନ ଦିଆଯାଇଛି। ଗୁରୁ ହିଁ ଆମକୁ ଜ୍ଞାନର ଆଲୋକ ଦେଖାନ୍ତି। କିନ୍ତୁ ଆଜିକାଲି ଶିକ୍ଷକମାନଙ୍କୁ ସେହି ସମ୍ମାନ ମିଳୁନାହିଁ। ସରକାର ଶିକ୍ଷକମାନଙ୍କୁ ଶିକ୍ଷାଦାନ ବ୍ୟତୀତ ଅନ୍ୟ କାର୍ଯ୍ୟରେ ନିୟୋଜିତ କରୁଛନ୍ତି। ନିର୍ବାଚନ, ଜନଗଣନା, ମଧ୍ୟାହ୍ନ ଭୋଜନ ଆଦି କାର୍ଯ୍ୟରେ ବ୍ୟସ୍ତ ରହିବାରୁ ସେମାନେ ପାଠପଢ଼ାରେ ଧ୍ୟାନ ଦେଇପାରୁନାହାନ୍ତି। ଶିକ୍ଷା ସହାୟକ ଓ ଗଣଶିକ୍ଷକଙ୍କୁ ଉଚିତ ଦରମା ମିଳୁନାହିଁ। ଅନେକ ସ୍କୁଲରେ ଶିକ୍ଷକଙ୍କ ପଦବୀ ଖାଲି ପଡ଼ିଛି। ଶିକ୍ଷକମାନଙ୍କ ସମସ୍ୟା ପ୍ରତି ସରକାର ଦୃଷ୍ଟି ଦେବା ଉଚିତ। ଛାତ୍ରଛାତ୍ରୀ ଓ ଅଭିଭାବକମାନେ ମଧ୍ୟ ଶିକ୍ଷକଙ୍କୁ ସମ୍ମାନ ଦେବା ଆବଶ୍ୟକ। ଶିକ୍ଷକ ଦିବସ କେବଳ ଆନୁଷ୍ଠାନିକ ଭାବେ ପାଳନ ନ କରି ଶିକ୍ଷକମାନଙ୍କ ପ୍ରକୃତ ସମ୍ମାନ ଦିଗରେ ପଦକ୍ଷେପ ନେବା ଉଚିତ।
ଶ୍ରୀକାନ୍ତ ନାୟକ, ଖଲ୍ଲିକୋଟ କଲେଜ, ବିଂପୁର, ଗଞ୍ଜାମ
ନ୍ୟାୟ ମିଳିବ ତ
କିଛି ମାସ ପୂର୍ବେ ଜଣେ ନିରୀହ ଯୁବକଙ୍କୁ ମିଥ୍ୟା ମାମଲାରେ ଫସାଇ ଗିରଫ କରାଯାଇଥିଲା। ପୋଲିସର ଏଭଳି ଆଚରଣ ସମାଜ ପାଇଁ ଚିନ୍ତାର ବିଷୟ। ପରିବାର ଲୋକେ ନ୍ୟାୟ ପାଇଁ ଦ୍ୱାରେ ଦ୍ୱାରେ ବୁଲୁଛନ୍ତି। ଉଚ୍ଚପଦସ୍ଥ ଅଧିକାରୀ ଏହି ଘଟଣାର ନିରପେକ୍ଷ ତଦନ୍ତ କରି ଦୋଷୀଙ୍କ ବିରୁଦ୍ଧରେ କାର୍ଯ୍ୟାନୁଷ୍ଠାନ ନେବା ଦରକାର। ଆଇନର ଶାସନ ପ୍ରତି ଲୋକଙ୍କ ବିଶ୍ୱାସ ବଜାୟ ରଖିବା ପାଇଁ ଏହା ଜରୁରୀ।
ରଞ୍ଜନ କୁମାର ସାହୁ, ଧନୁପାଲି, ସମ୍ବଲପୁର
ଦୃଷ୍ଟି ଦେବୁ
ଆମେ ନିକଟ ବଜାରରୁ ପାଉଚରେ ତେଲ ଓ ଡାଲି କିଣୁଛୁ। ଖାଦ୍ୟ ସାମଗ୍ରୀରେ ଅପମିଶ୍ରଣ ଏବେ ସାଧାରଣ ହୋଇଯାଇଛି। ଖାଦ୍ୟ ସୁରକ୍ଷା ବିଭାଗ ଏ ଦିଗରେ ନିୟମିତ ଯାଞ୍ଚ କରିବା ଉଚିତ। ଏଥିସହ ଓଜନରେ ଠକେଇ ମଧ୍ୟ ଚାଲିଛି।
ଶୈଳେନ୍ଦ୍ର କୁମାର ମିଶ୍ର, ଟେଲେଙ୍ଗାବଜାର, କଟକ
ପ୍ରଭୁ ରାମଚନ୍ଦ୍ର-ବାବା ରାମଚନ୍ଦ୍ର
ପୂର୍ବରୁ କେଉଁ 'ସାହିତ୍ୟଦର୍ପଣ' ସ୍ତମ୍ଭରେ ଧରିତ୍ରୀ (୨୭୫୬)ରେ ପ୍ରକାଶିତ ଲେଖାଟି ପଢ଼ି ଭଲ ଲାଗିଲା। ପ୍ରଭୁ ରାମଚନ୍ଦ୍ରଙ୍କ ଆଦର୍ଶ ଓ ବାବା ରାମଚନ୍ଦ୍ରଙ୍କ ଉପଦେଶ ଆଜିର ସମାଜ ପାଇଁ ପ୍ରାସଙ୍ଗିକ। ଏଭଳି ଲେଖା ଆହୁରି ପ୍ରକାଶ ପାଉ ବୋଲି ଆଶା ରଖୁଛି।
ନାରାୟଣ ଦାସ, ଆଉଗାଳଦାସ, ଓଡ଼ିଶା ହାଇକୋର୍ଟ, କଟକ
କୃଷିର ବିନାଶ
୨୦୧୦-୧୧ ବର୍ଷରେ ରାଜ୍ୟରେ କୃଷି ଉତ୍ପାଦନ ହ୍ରାସ ପାଇଛି। ଜଳସେଚନ ସୁବିଧାର ଅଭାବ ଓ ସାର ଦରବୃଦ୍ଧି ଚାଷୀଙ୍କୁ ସଙ୍କଟରେ ପକାଉଛି। ଧାନର ସହାୟକ ମୂଲ୍ୟ ପର୍ଯ୍ୟାପ୍ତ ନୁହେଁ। ସରକାର କୃଷି ଓ ଚାଷୀଙ୍କ ସ୍ୱାର୍ଥରେ ତୁରନ୍ତ ପଦକ୍ଷେପ ନେବା ଆବଶ୍ୟକ।
ବନମାଳୀ ପ୍ରଧାନ, ମହାକାଳପଡ଼ା, କେନ୍ଦ୍ରାପଡ଼ା
ପାଠକ ବିଚାରକ ସ୍ତମ୍ଭ ପାଇଁ ଠିକଣା:
ସମ୍ପାଦକ, ଧରିତ୍ରୀ,
ବି-୧୫, ସତ୍ୟନଗର, ଭୁବନେଶ୍ୱର-୭୫୧୦୦୭
କେବଳ ପାଠକଙ୍କ ପାଇଁ ଏ ସ୍ତମ୍ଭ, ବିଜ୍ଞାପନ ପାଇଁ ନୁହେଁ
E-Mail: dharitripress@gmail.com
(Use only for letters to Editor, news & news photos)
କେବଳ ବିଜ୍ଞାପନ ପାଇଁ ବ୍ୟବହାର କରନ୍ତୁ:
E-Mail:advt@dharitri.com
:miku11@yahoo.com (Use only for advertisements, commercial queries)
ପଚିଶ ବର୍ଷ ତଳର ଧରିତ୍ରୀ
୫ ସେପ୍ଟେମ୍ବର ୧୯୮୭
• ବାଂଲାଦେଶରେ ବନ୍ୟାରେ ୭୦୨ ଜଣଙ୍କ ମୃତ୍ୟୁ।
• ମଧ୍ୟ ଆମେରିକାରେ ଯୁଦ୍ଧ ବିରୋଧରେ ରାଷ୍ଟ୍ରପତି ରେଗାନଙ୍କ ଚିନ୍ତା।
su do ku	ସୁ-ଡୋ-କୁ
© Puzzles by Pappocom
	1	5						
	7	4	9		6			
2			7	3				
						1	6	8
					3	9		
	3	1	2					
					7	3		1
			5	2	7	4		
						3	9	
ଗତକାଲି ପ୍ରକାଶିତ ପଜଲର ଉତ୍ତର
ସୁ-ଡୋ-କୁ ଏକ ଅଙ୍କ ଖେଳ। ଏଥିରେ ଥିବା ୯x୯ ଘରରେ ୧ରୁ ୯ ପର୍ଯ୍ୟନ୍ତ ଅଙ୍କ ଭରିବାକୁ ହେବ। ପ୍ରତ୍ୟେକ ଧାଡ଼ି, ସ୍ତମ୍ଭ ଓ ୩x୩ ବାକ୍ସରେ ପ୍ରତ୍ୟେକ ଅଙ୍କ କେବଳ ଥରେ ଆସିବ।
5	1	7	9	3	6	4	8	2
3	2	9	8	4	1	5	6	7
8	6	4	2	5	7	9	3	1
6	9	2	5	1	3	8	7	4
4	5	1	6	7	8	2	9	3
7	3	8	4	2	9	1	5	6
9	8	6	1	4	2	3	7	5
2	4	5	3	8	7	6	1	9
1	7	3	5	9	6	4	2	8
